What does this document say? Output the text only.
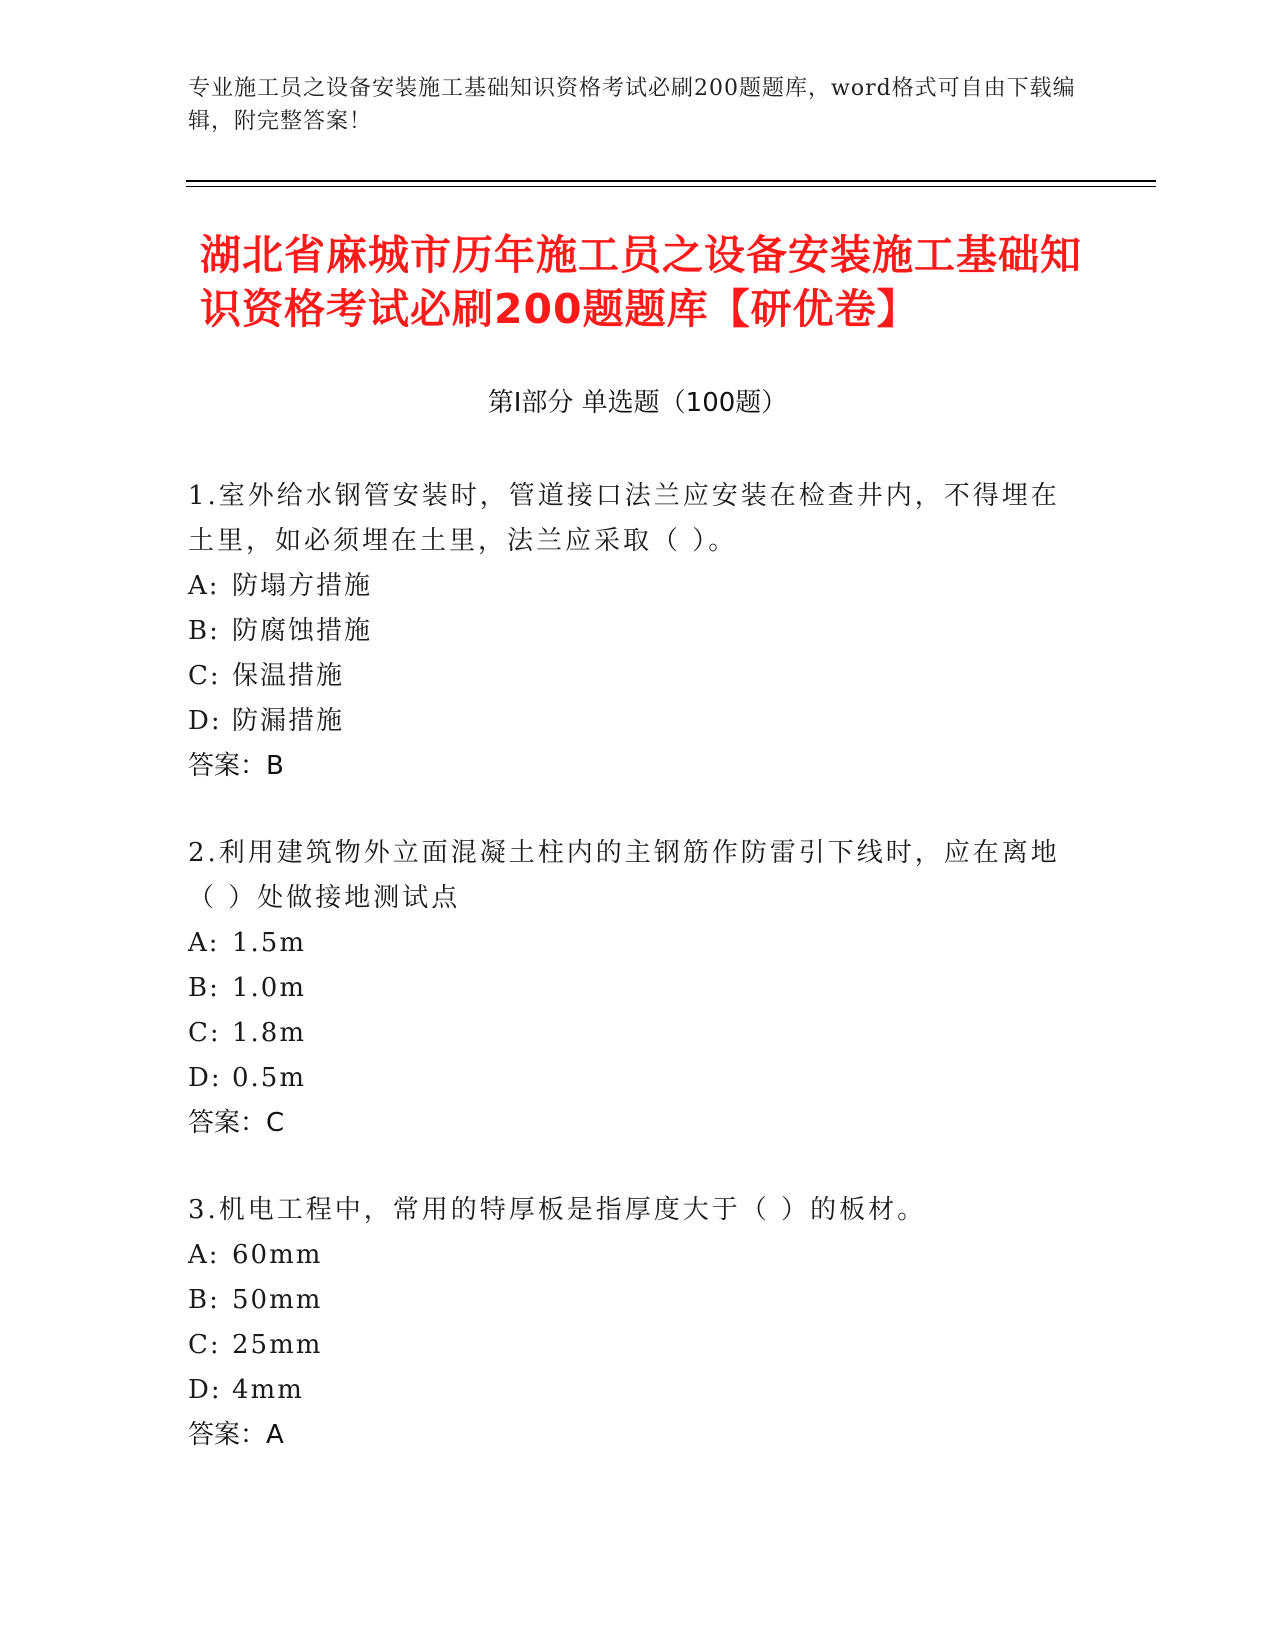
专业施工员之设备安装施工基础知识资格考试必刷200题题库，word格式可自由下载编辑，附完整答案！
湖北省麻城市历年施工员之设备安装施工基础知识资格考试必刷200题题库【研优卷】
第Ⅰ部分 单选题（100题）
1.室外给水钢管安装时，管道接口法兰应安装在检查井内，不得埋在土里，如必须埋在土里，法兰应采取（ ）。
A: 防塌方措施
B: 防腐蚀措施
C: 保温措施
D: 防漏措施
答案：B
2.利用建筑物外立面混凝土柱内的主钢筋作防雷引下线时，应在离地（ ）处做接地测试点
A: 1.5m
B: 1.0m
C: 1.8m
D: 0.5m
答案：C
3.机电工程中，常用的特厚板是指厚度大于（ ）的板材。
A: 60mm
B: 50mm
C: 25mm
D: 4mm
答案：A
